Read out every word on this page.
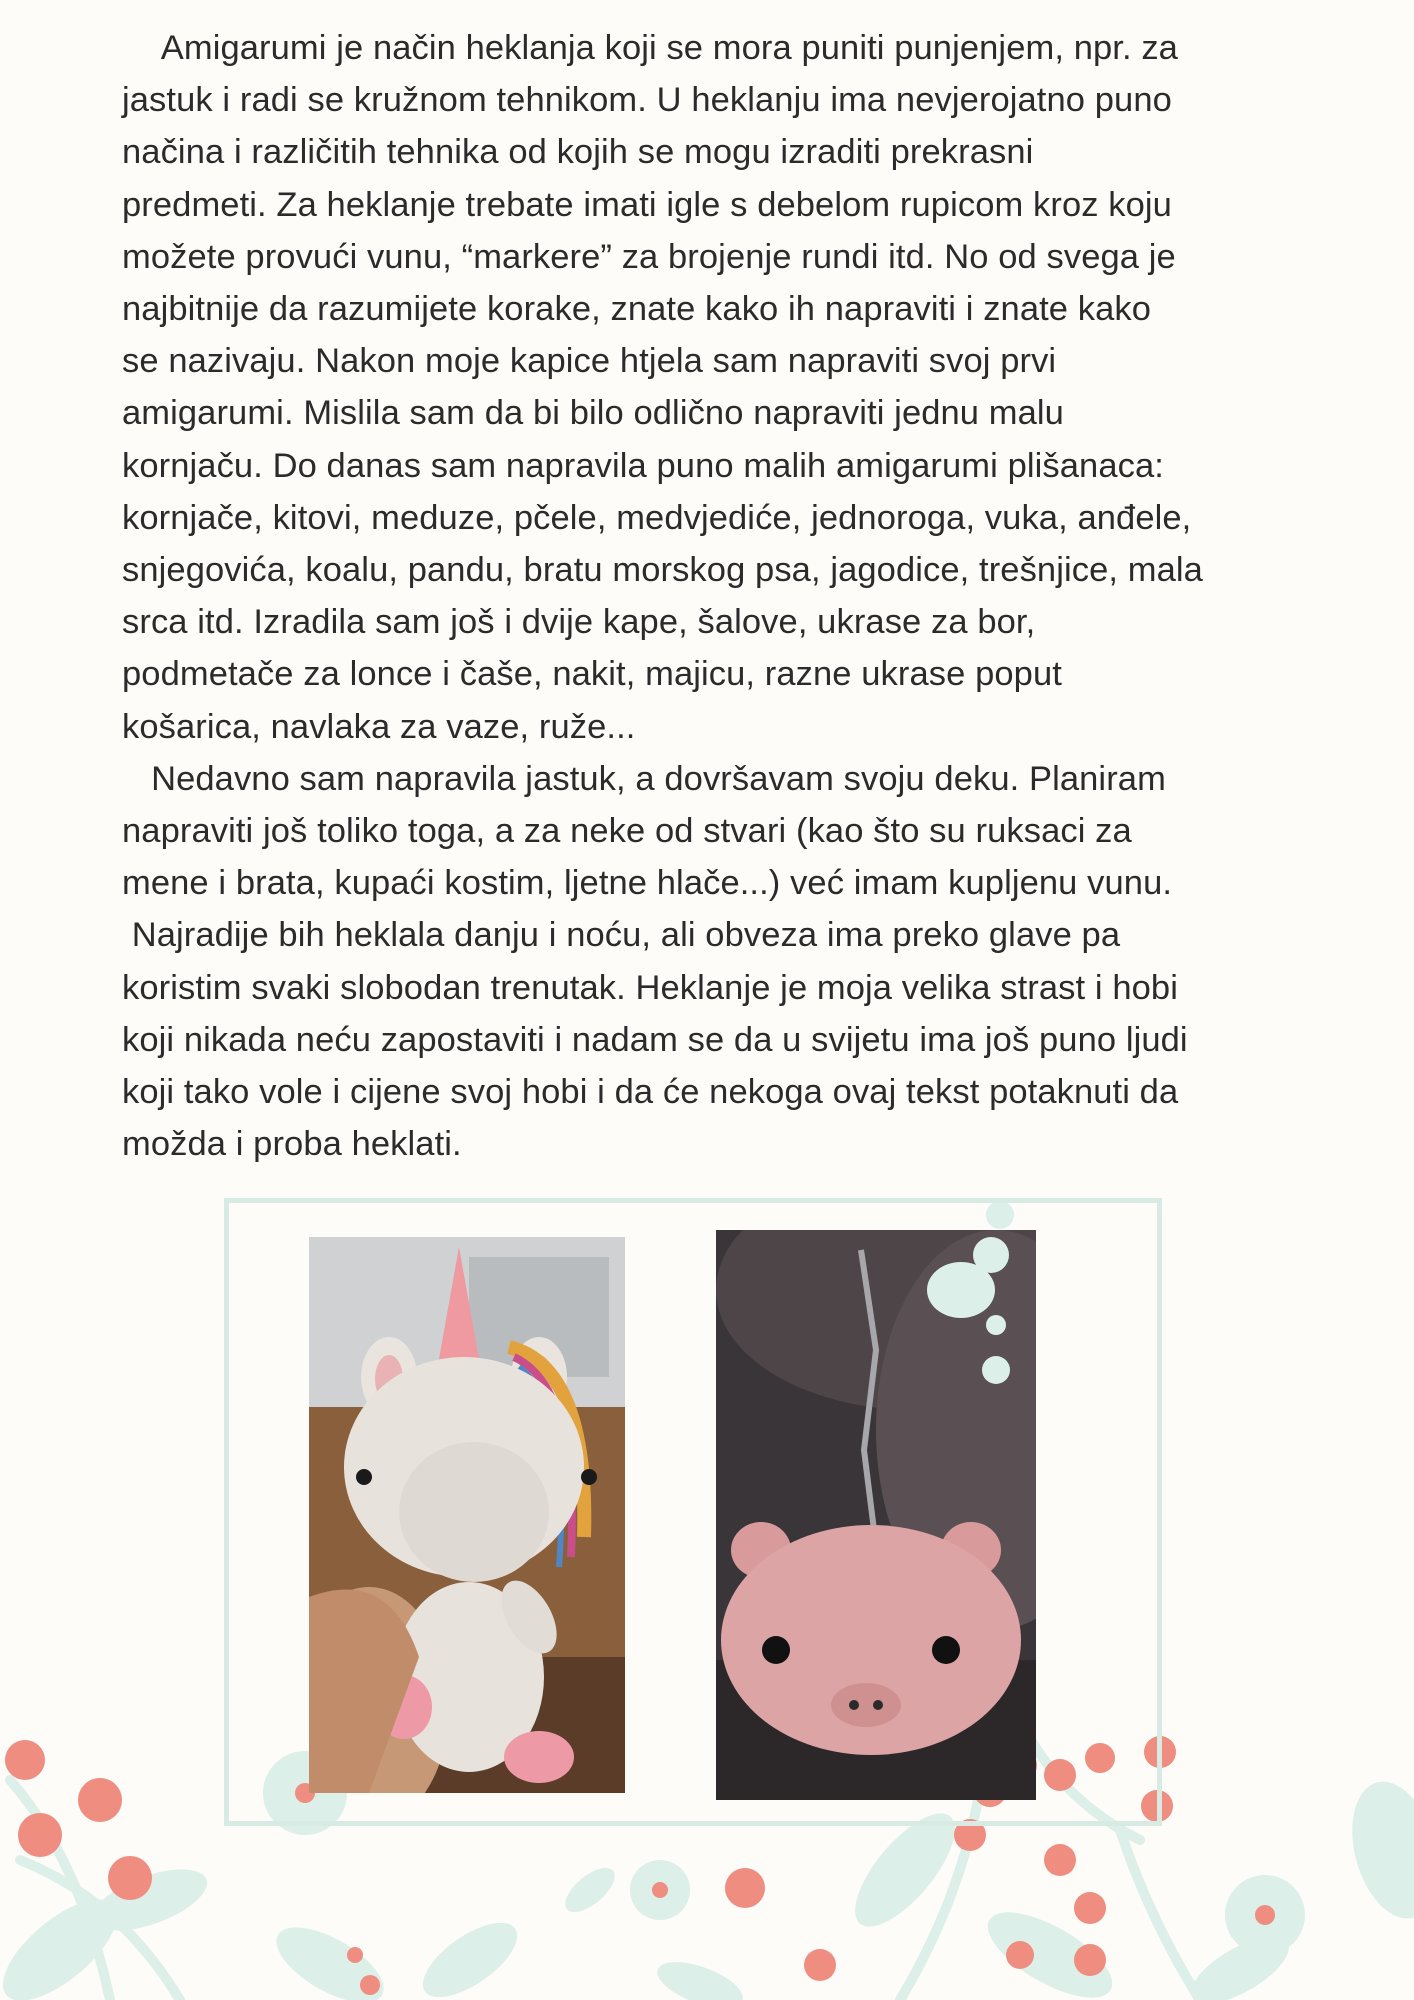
Amigarumi je način heklanja koji se mora puniti punjenjem, npr. za
jastuk i radi se kružnom tehnikom. U heklanju ima nevjerojatno puno
načina i različitih tehnika od kojih se mogu izraditi prekrasni
predmeti. Za heklanje trebate imati igle s debelom rupicom kroz koju
možete provući vunu, “markere” za brojenje rundi itd. No od svega je
najbitnije da razumijete korake, znate kako ih napraviti i znate kako
se nazivaju. Nakon moje kapice htjela sam napraviti svoj prvi
amigarumi. Mislila sam da bi bilo odlično napraviti jednu malu
kornjaču. Do danas sam napravila puno malih amigarumi plišanaca:
kornjače, kitovi, meduze, pčele, medvjediće, jednoroga, vuka, anđele,
snjegovića, koalu, pandu, bratu morskog psa, jagodice, trešnjice, mala
srca itd. Izradila sam još i dvije kape, šalove, ukrase za bor,
podmetače za lonce i čaše, nakit, majicu, razne ukrase poput
košarica, navlaka za vaze, ruže...

Nedavno sam napravila jastuk, a dovršavam svoju deku. Planiram
napraviti još toliko toga, a za neke od stvari (kao što su ruksaci za
mene i brata, kupaći kostim, ljetne hlače...) već imam kupljenu vunu.
Najradije bih heklala danju i noću, ali obveza ima preko glave pa
koristim svaki slobodan trenutak. Heklanje je moja velika strast i hobi
koji nikada neću zapostaviti i nadam se da u svijetu ima još puno ljudi
koji tako vole i cijene svoj hobi i da će nekoga ovaj tekst potaknuti da
možda i proba heklati.
